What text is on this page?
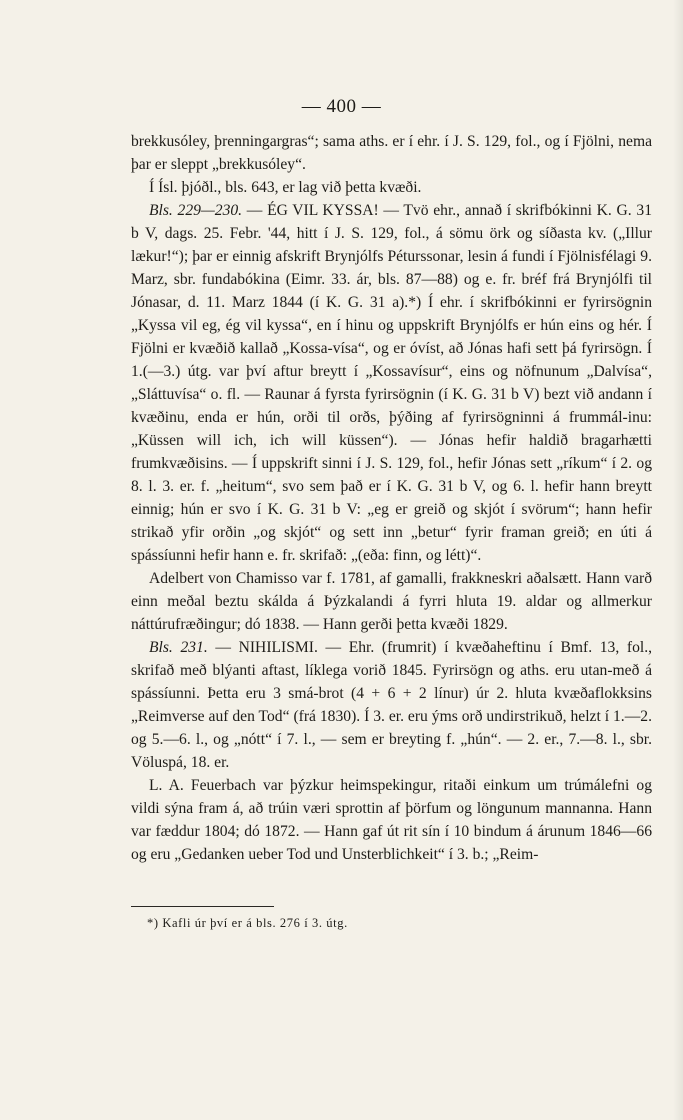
— 400 —

brekkusóley, þrenningargras“; sama aths. er í ehr. í J. S. 129, fol., og í Fjölni, nema þar er sleppt „brekkusóley“.

Í Ísl. þjóðl., bls. 643, er lag við þetta kvæði.

Bls. 229—230. — ÉG VIL KYSSA! — Tvö ehr., annað í skrifbókinni K. G. 31 b V, dags. 25. Febr. '44, hitt í J. S. 129, fol., á sömu örk og síðasta kv. („Illur lækur!“); þar er einnig afskrift Brynjólfs Péturssonar, lesin á fundi í Fjölnisfélagi 9. Marz, sbr. fundabókina (Eimr. 33. ár, bls. 87—88) og e. fr. bréf frá Brynjólfi til Jónasar, d. 11. Marz 1844 (í K. G. 31 a).*) Í ehr. í skrifbókinni er fyrirsögnin „Kyssa vil eg, ég vil kyssa“, en í hinu og uppskrift Brynjólfs er hún eins og hér. Í Fjölni er kvæðið kallað „Kossa-vísa“, og er óvíst, að Jónas hafi sett þá fyrirsögn. Í 1.(—3.) útg. var því aftur breytt í „Kossavísur“, eins og nöfnunum „Dalvísa“, „Sláttuvísa“ o. fl. — Raunar á fyrsta fyrirsögnin (í K. G. 31 b V) bezt við andann í kvæðinu, enda er hún, orði til orðs, þýðing af fyrirsögninni á frummál-inu: „Küssen will ich, ich will küssen“). — Jónas hefir haldið bragarhætti frumkvæðisins. — Í uppskrift sinni í J. S. 129, fol., hefir Jónas sett „ríkum“ í 2. og 8. l. 3. er. f. „heitum“, svo sem það er í K. G. 31 b V, og 6. l. hefir hann breytt einnig; hún er svo í K. G. 31 b V: „eg er greið og skjót í svörum“; hann hefir strikað yfir orðin „og skjót“ og sett inn „betur“ fyrir framan greið; en úti á spássíunni hefir hann e. fr. skrifað: „(eða: finn, og létt)“.

Adelbert von Chamisso var f. 1781, af gamalli, frakkneskri aðalsætt. Hann varð einn meðal beztu skálda á Þýzkalandi á fyrri hluta 19. aldar og allmerkur náttúrufræðingur; dó 1838. — Hann gerði þetta kvæði 1829.

Bls. 231. — NIHILISMI. — Ehr. (frumrit) í kvæðaheftinu í Bmf. 13, fol., skrifað með blýanti aftast, líklega vorið 1845. Fyrirsögn og aths. eru utan-með á spássíunni. Þetta eru 3 smá-brot (4 + 6 + 2 línur) úr 2. hluta kvæðaflokksins „Reimverse auf den Tod“ (frá 1830). Í 3. er. eru ýms orð undirstrikuð, helzt í 1.—2. og 5.—6. l., og „nótt“ í 7. l., — sem er breyting f. „hún“. — 2. er., 7.—8. l., sbr. Völuspá, 18. er.

L. A. Feuerbach var þýzkur heimspekingur, ritaði einkum um trúmálefni og vildi sýna fram á, að trúin væri sprottin af þörfum og löngunum mannanna. Hann var fæddur 1804; dó 1872. — Hann gaf út rit sín í 10 bindum á árunum 1846—66 og eru „Gedanken ueber Tod und Unsterblichkeit“ í 3. b.; „Reim-

*) Kafli úr því er á bls. 276 í 3. útg.
